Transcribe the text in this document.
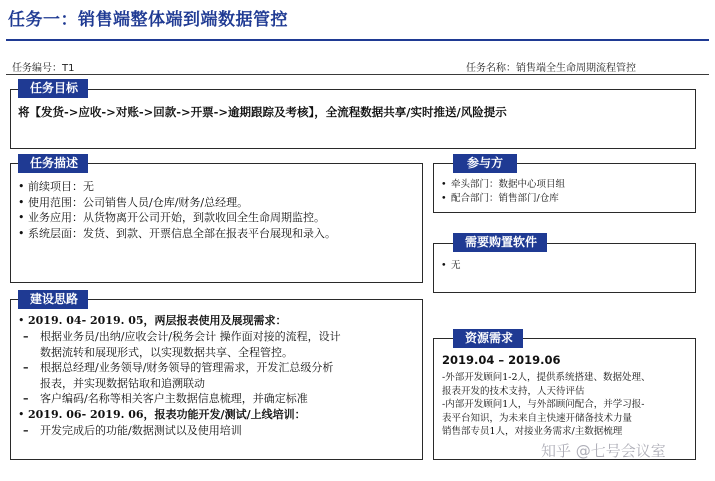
任务一：销售端整体端到端数据管控
任务编号：T1	任务名称：销售端全生命周期流程管控
任务目标
将【发货->应收->对账->回款->开票->逾期跟踪及考核】，全流程数据共享/实时推送/风险提示
任务描述
• 前续项目：无
• 使用范围：公司销售人员/仓库/财务/总经理。
• 业务应用：从货物离开公司开始，到款收回全生命周期监控。
• 系统层面：发货、到款、开票信息全部在报表平台展现和录入。
参与方
• 牵头部门：数据中心项目组
• 配合部门：销售部门/仓库
需要购置软件
• 无
建设思路
• 2019. 04- 2019. 05，两层报表使用及展现需求：
– 根据业务员/出纳/应收会计/税务会计 操作面对接的流程，设计
数据流转和展现形式，以实现数据共享、全程管控。
– 根据总经理/业务领导/财务领导的管理需求，开发汇总级分析
报表，并实现数据钻取和追溯联动
– 客户编码/名称等相关客户主数据信息梳理，并确定标准
• 2019. 06- 2019. 06，报表功能开发/测试/上线培训：
– 开发完成后的功能/数据测试以及使用培训
资源需求
2019.04 – 2019.06
-外部开发顾问1-2人，提供系统搭建、数据处理、
报表开发的技术支持，人天待评估
-内部开发顾问1人，与外部顾问配合，并学习报-
表平台知识，为未来自主快速开储备技术力量
销售部专员1人，对接业务需求/主数据梳理
知乎 @七号会议室
